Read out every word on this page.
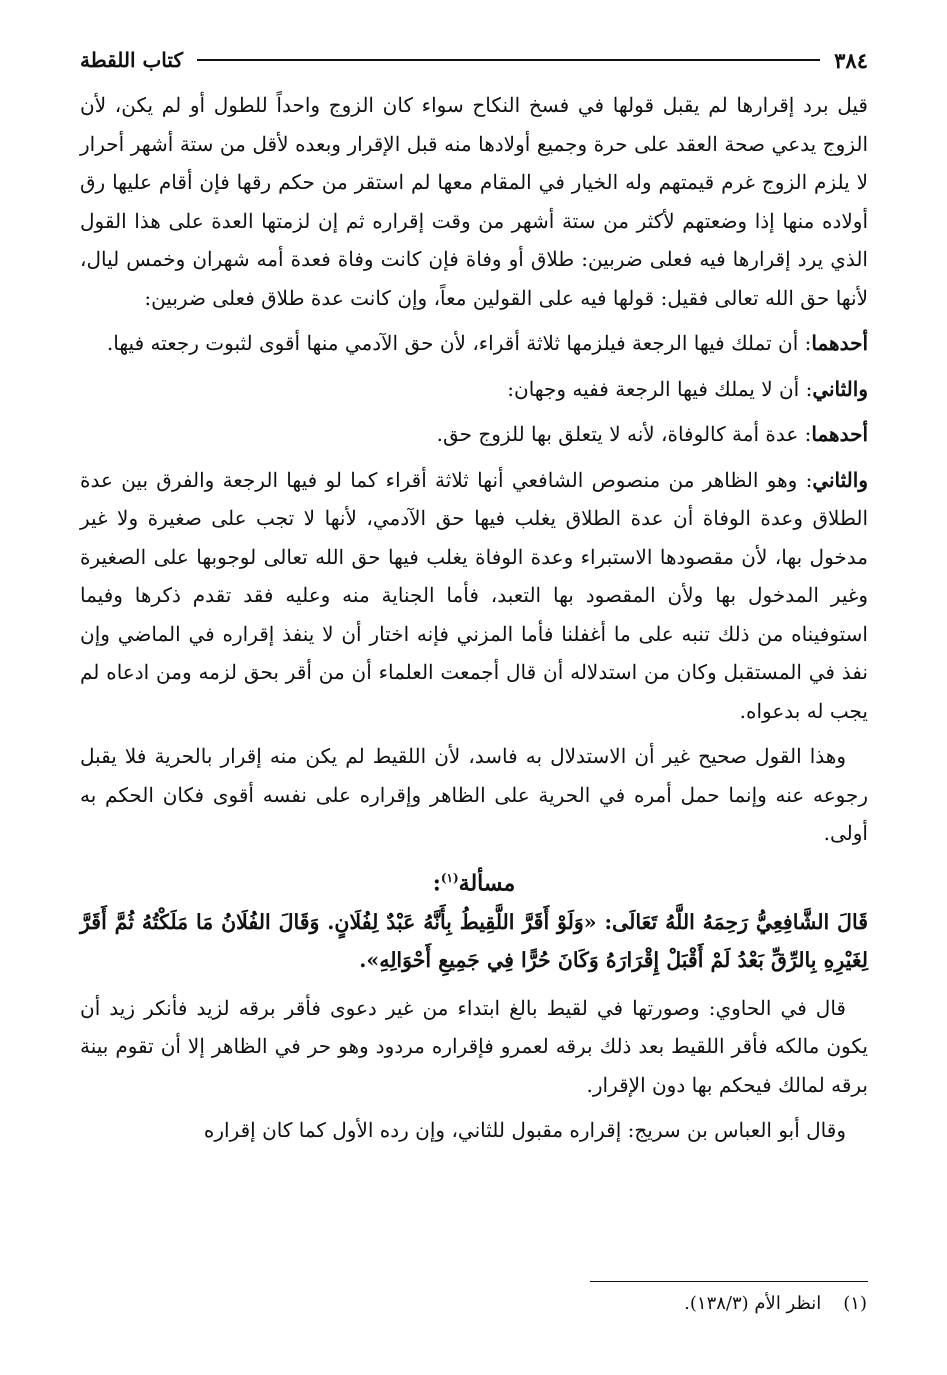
٣٨٤
كتاب اللقطة

قيل برد إقرارها لم يقبل قولها في فسخ النكاح سواء كان الزوج واحداً للطول أو لم يكن، لأن الزوج يدعي صحة العقد على حرة وجميع أولادها منه قبل الإقرار وبعده لأقل من ستة أشهر أحرار لا يلزم الزوج غرم قيمتهم وله الخيار في المقام معها لم استقر من حكم رقها فإن أقام عليها رق أولاده منها إذا وضعتهم لأكثر من ستة أشهر من وقت إقراره ثم إن لزمتها العدة على هذا القول الذي يرد إقرارها فيه فعلى ضربين: طلاق أو وفاة فإن كانت وفاة فعدة أمه شهران وخمس ليال، لأنها حق الله تعالى فقيل: قولها فيه على القولين معاً، وإن كانت عدة طلاق فعلى ضربين:

أحدهما: أن تملك فيها الرجعة فيلزمها ثلاثة أقراء، لأن حق الآدمي منها أقوى لثبوت رجعته فيها.

والثاني: أن لا يملك فيها الرجعة ففيه وجهان:

أحدهما: عدة أمة كالوفاة، لأنه لا يتعلق بها للزوج حق.

والثاني: وهو الظاهر من منصوص الشافعي أنها ثلاثة أقراء كما لو فيها الرجعة والفرق بين عدة الطلاق وعدة الوفاة أن عدة الطلاق يغلب فيها حق الآدمي، لأنها لا تجب على صغيرة ولا غير مدخول بها، لأن مقصودها الاستبراء وعدة الوفاة يغلب فيها حق الله تعالى لوجوبها على الصغيرة وغير المدخول بها ولأن المقصود بها التعبد، فأما الجناية منه وعليه فقد تقدم ذكرها وفيما استوفيناه من ذلك تنبه على ما أغفلنا فأما المزني فإنه اختار أن لا ينفذ إقراره في الماضي وإن نفذ في المستقبل وكان من استدلاله أن قال أجمعت العلماء أن من أقر بحق لزمه ومن ادعاه لم يجب له بدعواه.

وهذا القول صحيح غير أن الاستدلال به فاسد، لأن اللقيط لم يكن منه إقرار بالحرية فلا يقبل رجوعه عنه وإنما حمل أمره في الحرية على الظاهر وإقراره على نفسه أقوى فكان الحكم به أولى.

مسألة$^{(١)}$:

قَالَ الشَّافِعِيُّ رَحِمَهُ اللَّهُ تَعَالَى: «وَلَوْ أَقَرَّ اللَّقِيطُ بِأَنَّهُ عَبْدٌ لِفُلَانٍ. وَقَالَ الفُلَانُ مَا مَلَكْتُهُ ثُمَّ أَقَرَّ لِغَيْرِهِ بِالرِّقِّ بَعْدُ لَمْ أَقْبَلْ إِقْرَارَهُ وَكَانَ حُرًّا فِي جَمِيعِ أَحْوَالِهِ».

قال في الحاوي: وصورتها في لقيط بالغ ابتداء من غير دعوى فأقر برقه لزيد فأنكر زيد أن يكون مالكه فأقر اللقيط بعد ذلك برقه لعمرو فإقراره مردود وهو حر في الظاهر إلا أن تقوم بينة برقه لمالك فيحكم بها دون الإقرار.

وقال أبو العباس بن سريج: إقراره مقبول للثاني، وإن رده الأول كما كان إقراره

(١)انظر الأم (١٣٨/٣).
